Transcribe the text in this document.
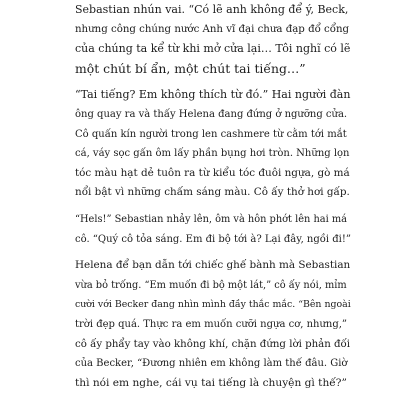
Sebastian nhún vai. “Có lẽ anh không để ý, Beck,
nhưng công chúng nước Anh vĩ đại chưa đạp đổ cổng
của chúng ta kể từ khi mở cửa lại… Tôi nghĩ có lẽ
một chút bí ẩn, một chút tai tiếng…”

“Tai tiếng? Em không thích từ đó.” Hai người đàn
ông quay ra và thấy Helena đang đứng ở ngưỡng cửa.
Cô quấn kín người trong len cashmere từ cằm tới mắt
cá, váy sọc gấn ôm lấy phần bụng hơi tròn. Những lọn
tóc màu hạt dẻ tuôn ra từ kiểu tóc đuôi ngựa, gò má
nổi bật vì những chấm sáng màu. Cô ấy thở hơi gấp.

“Hels!” Sebastian nhảy lên, ôm và hôn phớt lên hai má
cô. “Quý cô tỏa sáng. Em đi bộ tới à? Lại đây, ngồi đi!”

Helena để bạn dẫn tới chiếc ghế bành mà Sebastian
vừa bỏ trống. “Em muốn đi bộ một lát,” cô ấy nói, mỉm
cười với Becker đang nhìn mình đầy thắc mắc. “Bên ngoài
trời đẹp quá. Thực ra em muốn cưỡi ngựa cơ, nhưng,”
cô ấy phẩy tay vào không khí, chặn đứng lời phản đối
của Becker, “Đương nhiên em không làm thế đâu. Giờ
thì nói em nghe, cái vụ tai tiếng là chuyện gì thế?”
